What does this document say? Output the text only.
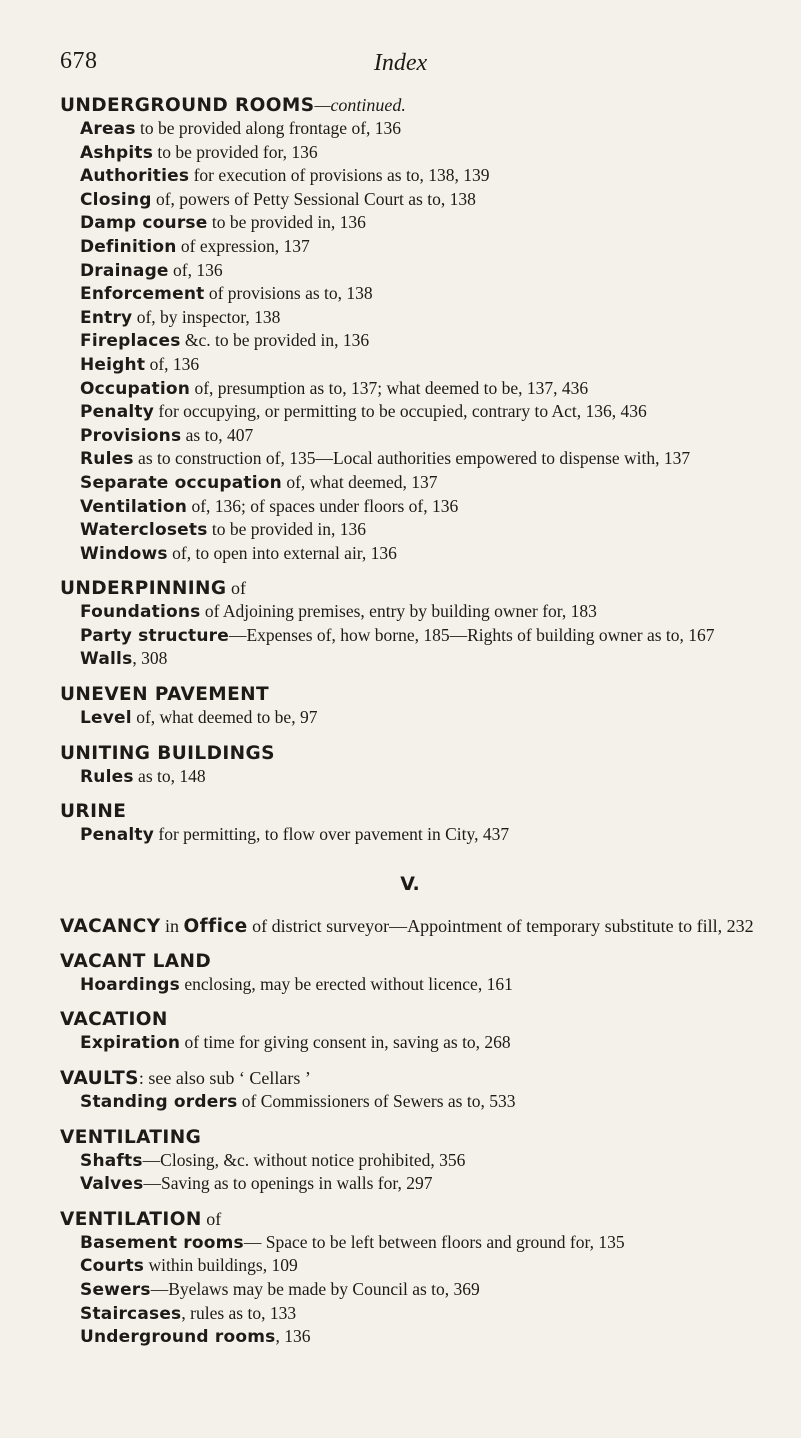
678	Index
UNDERGROUND ROOMS—continued.
Areas to be provided along frontage of, 136
Ashpits to be provided for, 136
Authorities for execution of provisions as to, 138, 139
Closing of, powers of Petty Sessional Court as to, 138
Damp course to be provided in, 136
Definition of expression, 137
Drainage of, 136
Enforcement of provisions as to, 138
Entry of, by inspector, 138
Fireplaces &c. to be provided in, 136
Height of, 136
Occupation of, presumption as to, 137; what deemed to be, 137, 436
Penalty for occupying, or permitting to be occupied, contrary to Act, 136, 436
Provisions as to, 407
Rules as to construction of, 135—Local authorities empowered to dispense with, 137
Separate occupation of, what deemed, 137
Ventilation of, 136; of spaces under floors of, 136
Waterclosets to be provided in, 136
Windows of, to open into external air, 136
UNDERPINNING of
Foundations of Adjoining premises, entry by building owner for, 183
Party structure—Expenses of, how borne, 185—Rights of building owner as to, 167
Walls, 308
UNEVEN PAVEMENT
Level of, what deemed to be, 97
UNITING BUILDINGS
Rules as to, 148
URINE
Penalty for permitting, to flow over pavement in City, 437
V.
VACANCY in Office of district surveyor—Appointment of temporary substitute to fill, 232
VACANT LAND
Hoardings enclosing, may be erected without licence, 161
VACATION
Expiration of time for giving consent in, saving as to, 268
VAULTS: see also sub ‘ Cellars ’
Standing orders of Commissioners of Sewers as to, 533
VENTILATING
Shafts—Closing, &c. without notice prohibited, 356
Valves—Saving as to openings in walls for, 297
VENTILATION of
Basement rooms— Space to be left between floors and ground for, 135
Courts within buildings, 109
Sewers—Byelaws may be made by Council as to, 369
Staircases, rules as to, 133
Underground rooms, 136
